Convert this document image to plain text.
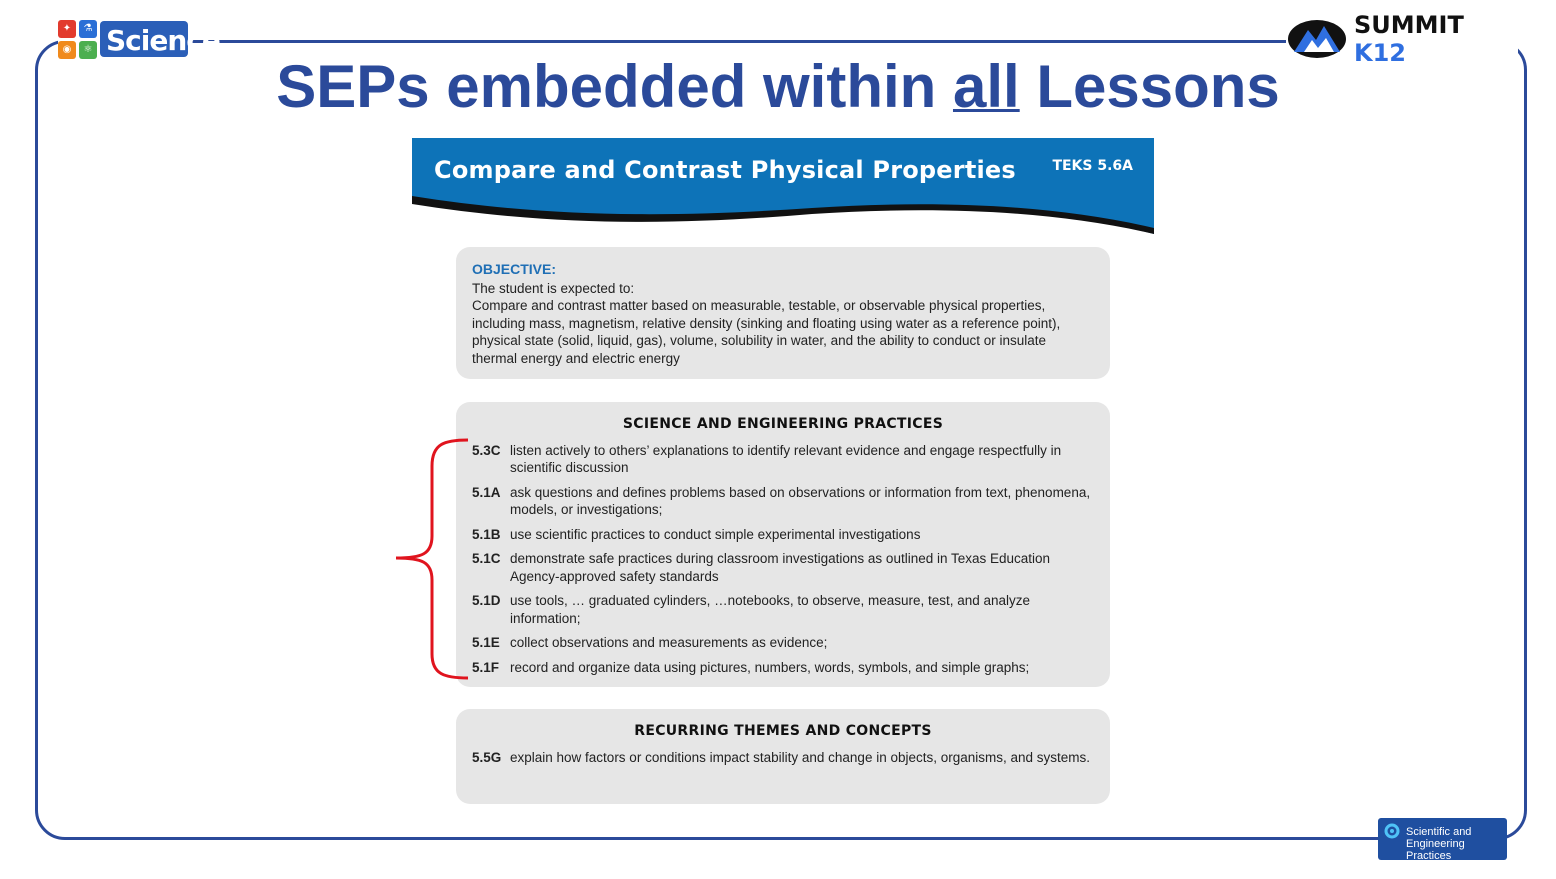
✦	⚗
◉	⚛ Science	SUMMIT K12
SEPs embedded within all Lessons
Compare and Contrast Physical Properties	TEKS 5.6A
OBJECTIVE:
The student is expected to:
Compare and contrast matter based on measurable, testable, or observable physical properties, including mass, magnetism, relative density (sinking and floating using water as a reference point), physical state (solid, liquid, gas), volume, solubility in water, and the ability to conduct or insulate thermal energy and electric energy
SCIENCE AND ENGINEERING PRACTICES
5.3C listen actively to others’ explanations to identify relevant evidence and engage respectfully in scientific discussion
5.1A ask questions and defines problems based on observations or information from text, phenomena, models, or investigations;
5.1B use scientific practices to conduct simple experimental investigations
5.1C demonstrate safe practices during classroom investigations as outlined in Texas Education Agency-approved safety standards
5.1D use tools, … graduated cylinders, …notebooks, to observe, measure, test, and analyze information;
5.1E collect observations and measurements as evidence;
5.1F record and organize data using pictures, numbers, words, symbols, and simple graphs;
RECURRING THEMES AND CONCEPTS
5.5G explain how factors or conditions impact stability and change in objects, organisms, and systems.
Scientific and
Engineering Practices
